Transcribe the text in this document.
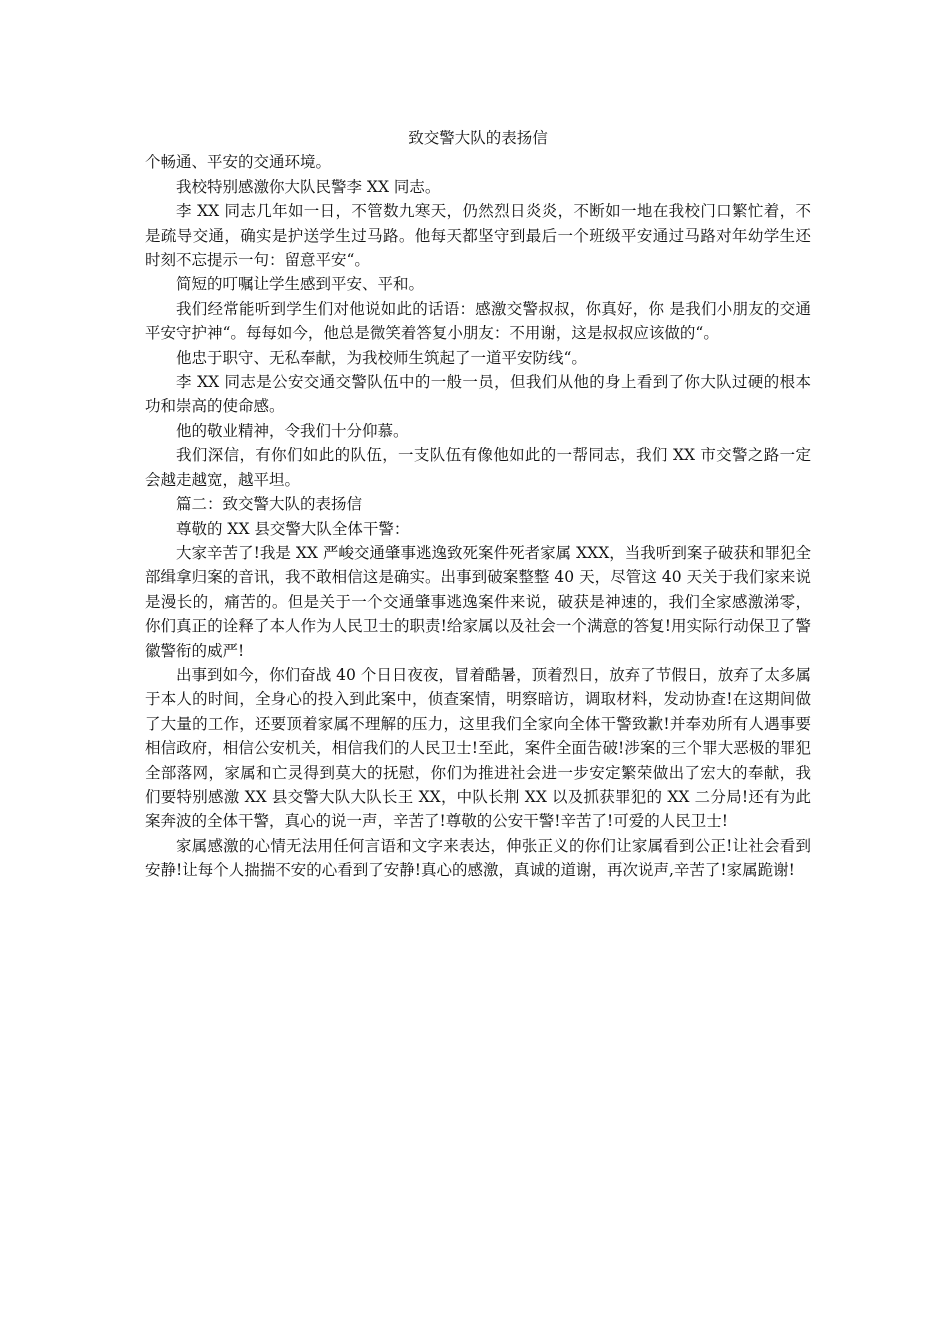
致交警大队的表扬信

个畅通、平安的交通环境。

我校特别感激你大队民警李 XX 同志。

李 XX 同志几年如一日，不管数九寒天，仍然烈日炎炎，不断如一地在我校门口繁忙着，不是疏导交通，确实是护送学生过马路。他每天都坚守到最后一个班级平安通过马路对年幼学生还时刻不忘提示一句：留意平安“。

简短的叮嘱让学生感到平安、平和。

我们经常能听到学生们对他说如此的话语：感激交警叔叔，你真好，你 是我们小朋友的交通平安守护神“。每每如今，他总是微笑着答复小朋友：不用谢，这是叔叔应该做的“。

他忠于职守、无私奉献，为我校师生筑起了一道平安防线“。

李 XX 同志是公安交通交警队伍中的一般一员，但我们从他的身上看到了你大队过硬的根本功和崇高的使命感。

他的敬业精神，令我们十分仰慕。

我们深信，有你们如此的队伍，一支队伍有像他如此的一帮同志，我们 XX 市交警之路一定会越走越宽，越平坦。

篇二：致交警大队的表扬信

尊敬的 XX 县交警大队全体干警：

大家辛苦了!我是 XX 严峻交通肇事逃逸致死案件死者家属 XXX，当我听到案子破获和罪犯全部缉拿归案的音讯，我不敢相信这是确实。出事到破案整整 40 天，尽管这 40 天关于我们家来说是漫长的，痛苦的。但是关于一个交通肇事逃逸案件来说，破获是神速的，我们全家感激涕零，你们真正的诠释了本人作为人民卫士的职责!给家属以及社会一个满意的答复!用实际行动保卫了警徽警衔的威严!

出事到如今，你们奋战 40 个日日夜夜，冒着酷暑，顶着烈日，放弃了节假日，放弃了太多属于本人的时间，全身心的投入到此案中，侦查案情，明察暗访，调取材料，发动协查!在这期间做了大量的工作，还要顶着家属不理解的压力，这里我们全家向全体干警致歉!并奉劝所有人遇事要相信政府，相信公安机关，相信我们的人民卫士!至此，案件全面告破!涉案的三个罪大恶极的罪犯全部落网，家属和亡灵得到莫大的抚慰，你们为推进社会进一步安定繁荣做出了宏大的奉献，我们要特别感激 XX 县交警大队大队长王 XX，中队长荆 XX 以及抓获罪犯的 XX 二分局!还有为此案奔波的全体干警，真心的说一声，辛苦了!尊敬的公安干警!辛苦了!可爱的人民卫士!

家属感激的心情无法用任何言语和文字来表达，伸张正义的你们让家属看到公正!让社会看到安静!让每个人揣揣不安的心看到了安静!真心的感激，真诚的道谢，再次说声,辛苦了!家属跪谢!
